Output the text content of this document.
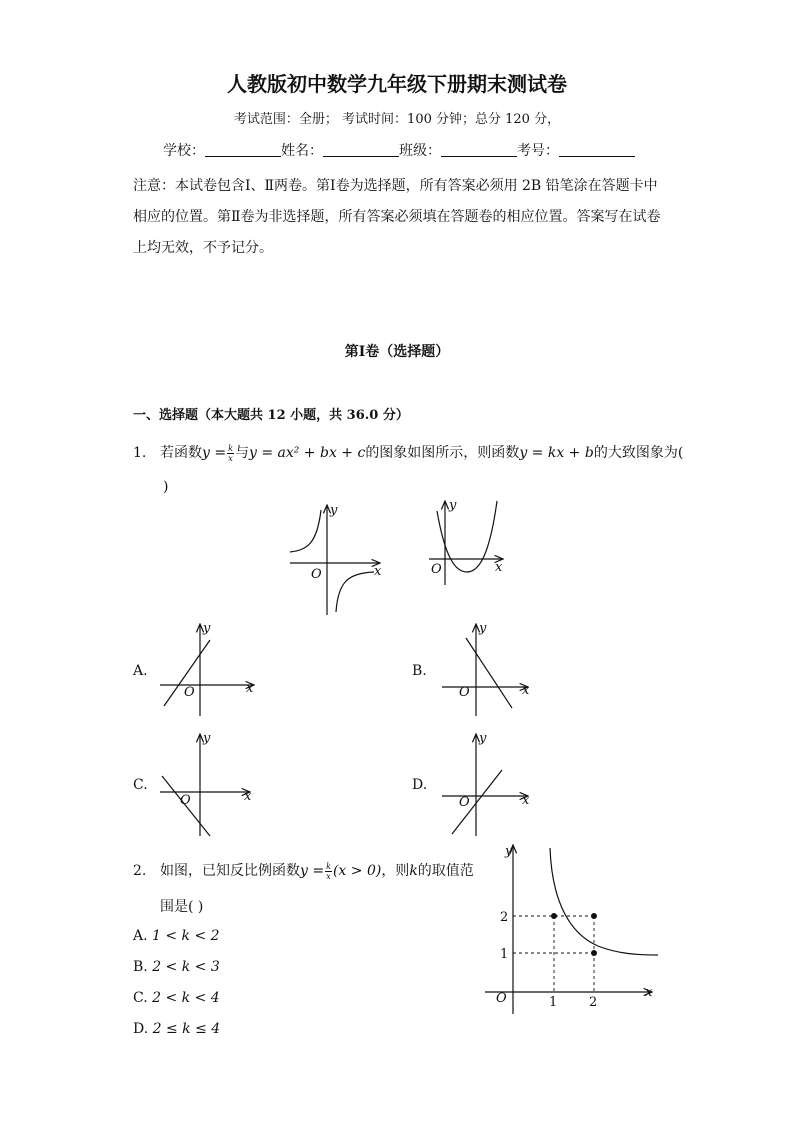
人教版初中数学九年级下册期末测试卷
考试范围：全册； 考试时间：100 分钟；总分 120 分，
学校：	姓名：	班级：	考号：
注意：本试卷包含Ⅰ、Ⅱ两卷。第Ⅰ卷为选择题，所有答案必须用 2B 铅笔涂在答题卡中相应的位置。第Ⅱ卷为非选择题，所有答案必须填在答题卷的相应位置。答案写在试卷上均无效，不予记分。
第Ⅰ卷（选择题）
一、选择题（本大题共 12 小题，共 36.0 分）
1. 若函数$y = \frac{k}{x}$ 与y = ax² + bx + c的图象如图所示，则函数y = kx + b的大致图象为(
)
y
x
O
y
x
O
A.
y
x
O
B.
y
x
O
C.
y
x
O
D.
y
x
O
2. 如图，已知反比例函数$y = \frac{k}{x} (x > 0)$，则k的取值范
围是( )
A. 1 < k < 2
B. 2 < k < 3
C. 2 < k < 4
D. 2 ≤ k ≤ 4
y
x
O
2
1
1 2
